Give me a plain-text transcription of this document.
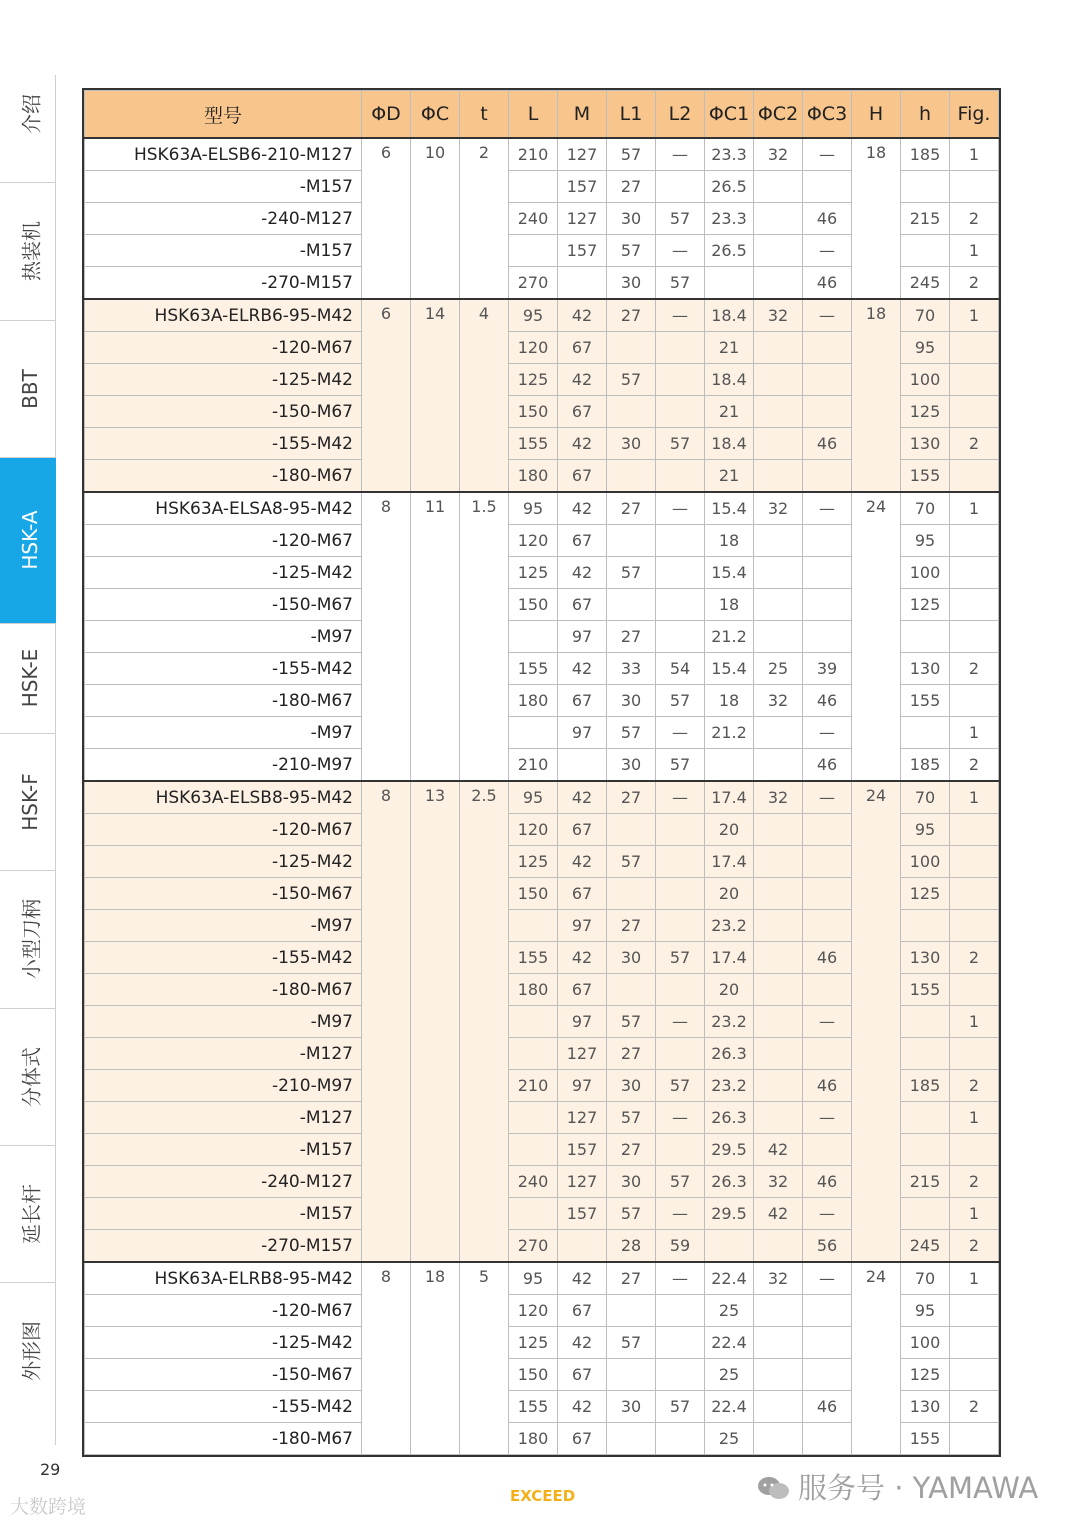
介绍
热装机
BBT
HSK-A
HSK-E
HSK-F
小型刀柄
分体式
延长杆
外形图
型号	ΦD	ΦC	t	L	M	L1	L2	ΦC1	ΦC2	ΦC3	H	h	Fig.
HSK63A-ELSB6-210-M127	6	10	2	210	127	57	—	23.3	32	—	18	185	1
-M157					157	27		26.5					
-240-M127				240	127	30	57	23.3		46		215	2
-M157					157	57	—	26.5		—			1
-270-M157				270		30	57			46		245	2
HSK63A-ELRB6-95-M42	6	14	4	95	42	27	—	18.4	32	—	18	70	1
-120-M67				120	67			21				95	
-125-M42				125	42	57		18.4				100	
-150-M67				150	67			21				125	
-155-M42				155	42	30	57	18.4		46		130	2
-180-M67				180	67			21				155	
HSK63A-ELSA8-95-M42	8	11	1.5	95	42	27	—	15.4	32	—	24	70	1
-120-M67				120	67			18				95	
-125-M42				125	42	57		15.4				100	
-150-M67				150	67			18				125	
-M97					97	27		21.2					
-155-M42				155	42	33	54	15.4	25	39		130	2
-180-M67				180	67	30	57	18	32	46		155	
-M97					97	57	—	21.2		—			1
-210-M97				210		30	57			46		185	2
HSK63A-ELSB8-95-M42	8	13	2.5	95	42	27	—	17.4	32	—	24	70	1
-120-M67				120	67			20				95	
-125-M42				125	42	57		17.4				100	
-150-M67				150	67			20				125	
-M97					97	27		23.2					
-155-M42				155	42	30	57	17.4		46		130	2
-180-M67				180	67			20				155	
-M97					97	57	—	23.2		—			1
-M127					127	27		26.3					
-210-M97				210	97	30	57	23.2		46		185	2
-M127					127	57	—	26.3		—			1
-M157					157	27		29.5	42				
-240-M127				240	127	30	57	26.3	32	46		215	2
-M157					157	57	—	29.5	42	—			1
-270-M157				270		28	59			56		245	2
HSK63A-ELRB8-95-M42	8	18	5	95	42	27	—	22.4	32	—	24	70	1
-120-M67				120	67			25				95	
-125-M42				125	42	57		22.4				100	
-150-M67				150	67			25				125	
-155-M42				155	42	30	57	22.4		46		130	2
-180-M67				180	67			25				155	
29
EXCEED
大数跨境
服务号 · YAMAWA
